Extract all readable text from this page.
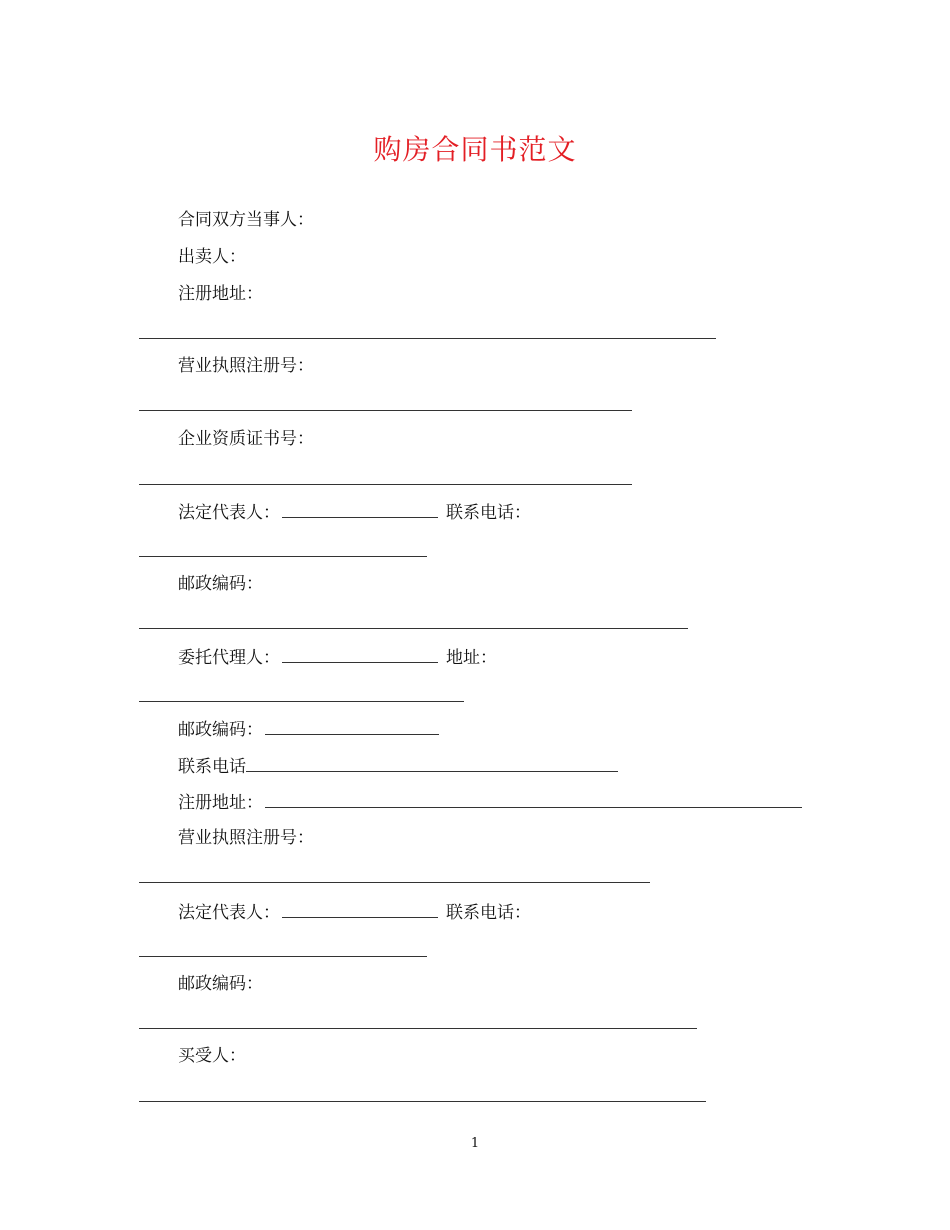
购房合同书范文
合同双方当事人：
出卖人：
注册地址：
营业执照注册号：
企业资质证书号：
法定代表人：	联系电话：
邮政编码：
委托代理人：	地址：
邮政编码：
联系电话
注册地址：
营业执照注册号：
法定代表人：	联系电话：
邮政编码：
买受人：
1
